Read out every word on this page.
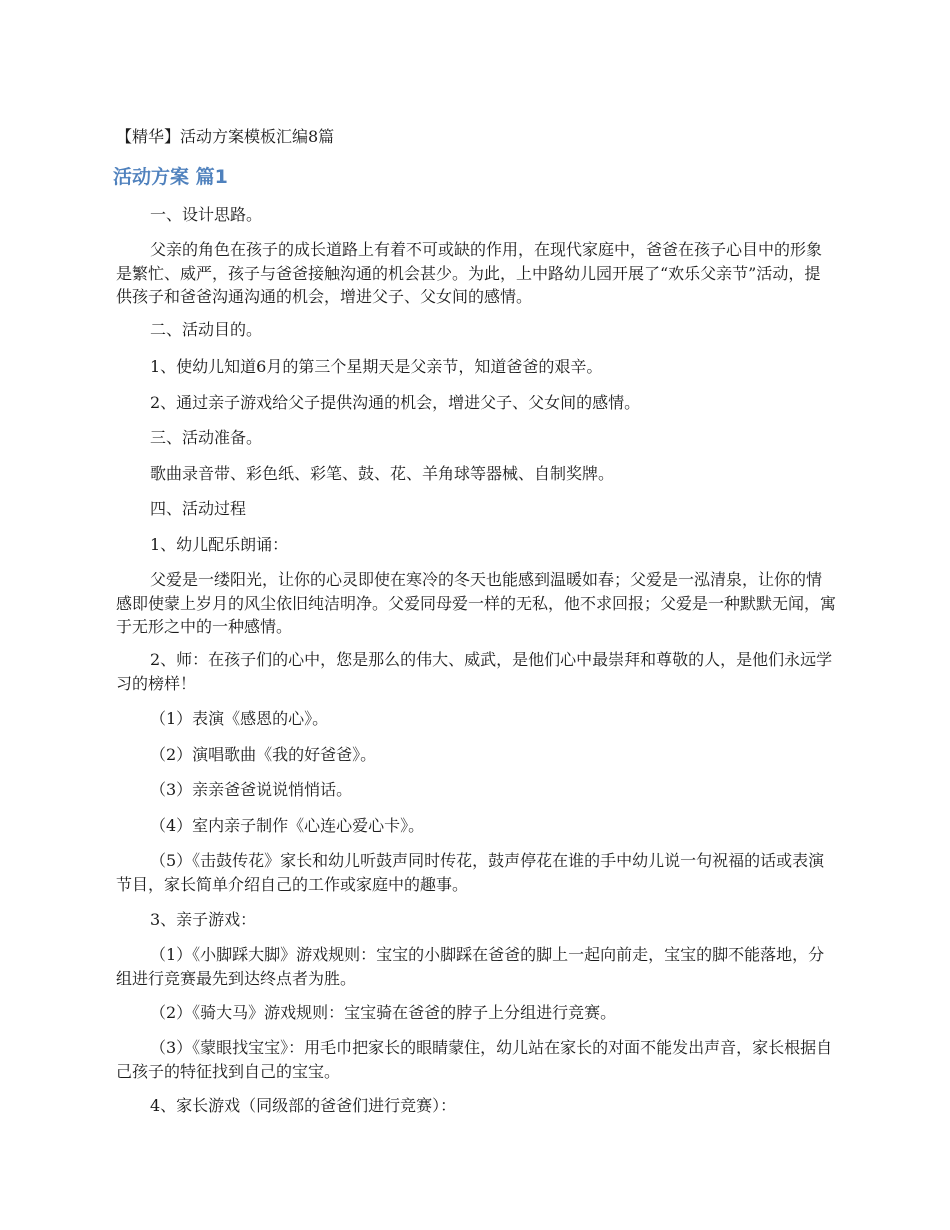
【精华】活动方案模板汇编8篇
活动方案 篇1

一、设计思路。

父亲的角色在孩子的成长道路上有着不可或缺的作用，在现代家庭中，爸爸在孩子心目中的形象是繁忙、威严，孩子与爸爸接触沟通的机会甚少。为此，上中路幼儿园开展了“欢乐父亲节”活动，提供孩子和爸爸沟通沟通的机会，增进父子、父女间的感情。

二、活动目的。

1、使幼儿知道6月的第三个星期天是父亲节，知道爸爸的艰辛。

2、通过亲子游戏给父子提供沟通的机会，增进父子、父女间的感情。

三、活动准备。

歌曲录音带、彩色纸、彩笔、鼓、花、羊角球等器械、自制奖牌。

四、活动过程

1、幼儿配乐朗诵：

父爱是一缕阳光，让你的心灵即使在寒冷的冬天也能感到温暖如春；父爱是一泓清泉，让你的情感即使蒙上岁月的风尘依旧纯洁明净。父爱同母爱一样的无私，他不求回报；父爱是一种默默无闻，寓于无形之中的一种感情。

2、师：在孩子们的心中，您是那么的伟大、威武，是他们心中最崇拜和尊敬的人，是他们永远学习的榜样！

（1）表演《感恩的心》。

（2）演唱歌曲《我的好爸爸》。

（3）亲亲爸爸说说悄悄话。

（4）室内亲子制作《心连心爱心卡》。

（5）《击鼓传花》家长和幼儿听鼓声同时传花，鼓声停花在谁的手中幼儿说一句祝福的话或表演节目，家长简单介绍自己的工作或家庭中的趣事。

3、亲子游戏：

（1）《小脚踩大脚》游戏规则：宝宝的小脚踩在爸爸的脚上一起向前走，宝宝的脚不能落地，分组进行竞赛最先到达终点者为胜。

（2）《骑大马》游戏规则：宝宝骑在爸爸的脖子上分组进行竞赛。

（3）《蒙眼找宝宝》：用毛巾把家长的眼睛蒙住，幼儿站在家长的对面不能发出声音，家长根据自己孩子的特征找到自己的宝宝。

4、家长游戏（同级部的爸爸们进行竞赛）：
